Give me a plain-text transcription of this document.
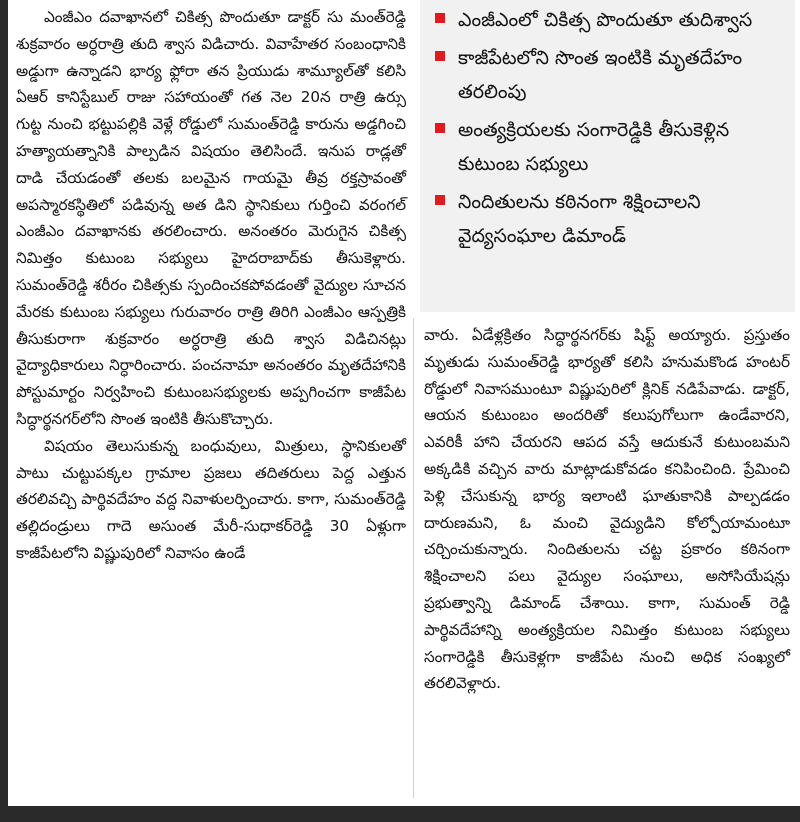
ఎంజీఎం దవాఖానలో చికిత్స పొందుతూ డాక్టర్ సు మంత్‌రెడ్డి శుక్రవారం అర్ధరాత్రి తుది శ్వాస విడిచారు. వివాహేతర సంబంధానికి అడ్డుగా ఉన్నాడని భార్య ఫ్లోరా తన ప్రియుడు శామ్యూల్‌తో కలిసి ఏఆర్ కానిస్టేబుల్ రాజు సహాయంతో గత నెల 20న రాత్రి ఉర్సు గుట్ట నుంచి భట్టుపల్లికి వెళ్లే రోడ్డులో సుమంత్‌రెడ్డి కారును అడ్డగించి హత్యాయత్నానికి పాల్పడిన విషయం తెలిసిందే. ఇనుప రాడ్లతో దాడి చేయడంతో తలకు బలమైన గాయమై తీవ్ర రక్తస్రావంతో అపస్మారకస్థితిలో పడివున్న అత డిని స్థానికులు గుర్తించి వరంగల్ ఎంజీఎం దవాఖానకు తరలించారు. అనంతరం మెరుగైన చికిత్స నిమిత్తం కుటుంబ సభ్యులు హైదరాబాద్‌కు తీసుకెళ్లారు. సుమంత్‌రెడ్డి శరీరం చికిత్సకు స్పందించకపోవడంతో వైద్యుల సూచన మేరకు కుటుంబ సభ్యులు గురువారం రాత్రి తిరిగి ఎంజీఎం ఆస్పత్రికి తీసుకురాగా శుక్రవారం అర్ధరాత్రి తుది శ్వాస విడిచినట్లు వైద్యాధికారులు నిర్ధారించారు. పంచనామా అనంతరం మృతదేహానికి పోస్టుమార్టం నిర్వహించి కుటుంబసభ్యులకు అప్పగించగా కాజీపేట సిద్ధార్థనగర్‌లోని సొంత ఇంటికి తీసుకొచ్చారు.

విషయం తెలుసుకున్న బంధువులు, మిత్రులు, స్థానికులతో పాటు చుట్టుపక్కల గ్రామాల ప్రజలు తదితరులు పెద్ద ఎత్తున తరలివచ్చి పార్థివదేహం వద్ద నివాళులర్పించారు. కాగా, సుమంత్‌రెడ్డి తల్లిదండ్రులు గాదె అసుంత మేరీ-సుధాకర్‌రెడ్డి 30 ఏళ్లుగా కాజీపేటలోని విష్ణుపురిలో నివాసం ఉండే

ఎంజీఎంలో చికిత్స పొందుతూ తుదిశ్వాస
కాజీపేటలోని సొంత ఇంటికి మృతదేహం తరలింపు
అంత్యక్రియలకు సంగారెడ్డికి తీసుకెళ్లిన కుటుంబ సభ్యులు
నిందితులను కఠినంగా శిక్షించాలని వైద్యసంఘాల డిమాండ్

వారు. ఏడేళ్లక్రితం సిద్ధార్థనగర్‌కు షిఫ్ట్ అయ్యారు. ప్రస్తుతం మృతుడు సుమంత్‌రెడ్డి భార్యతో కలిసి హనుమకొండ హంటర్ రోడ్డులో నివాసముంటూ విష్ణుపురిలో క్లినిక్ నడిపేవాడు. డాక్టర్, ఆయన కుటుంబం అందరితో కలుపుగోలుగా ఉండేవారని, ఎవరికీ హాని చేయరని ఆపద వస్తే ఆదుకునే కుటుంబమని అక్కడికి వచ్చిన వారు మాట్లాడుకోవడం కనిపించింది. ప్రేమించి పెళ్లి చేసుకున్న భార్య ఇలాంటి ఘాతుకానికి పాల్పడడం దారుణమని, ఓ మంచి వైద్యుడిని కోల్పోయామంటూ చర్చించుకున్నారు. నిందితులను చట్ట ప్రకారం కఠినంగా శిక్షించాలని పలు వైద్యుల సంఘాలు, అసోసియేషన్లు ప్రభుత్వాన్ని డిమాండ్ చేశాయి. కాగా, సుమంత్ రెడ్డి పార్థివదేహాన్ని అంత్యక్రియల నిమిత్తం కుటుంబ సభ్యులు సంగారెడ్డికి తీసుకెళ్లగా కాజీపేట నుంచి అధిక సంఖ్యలో తరలివెళ్లారు.
